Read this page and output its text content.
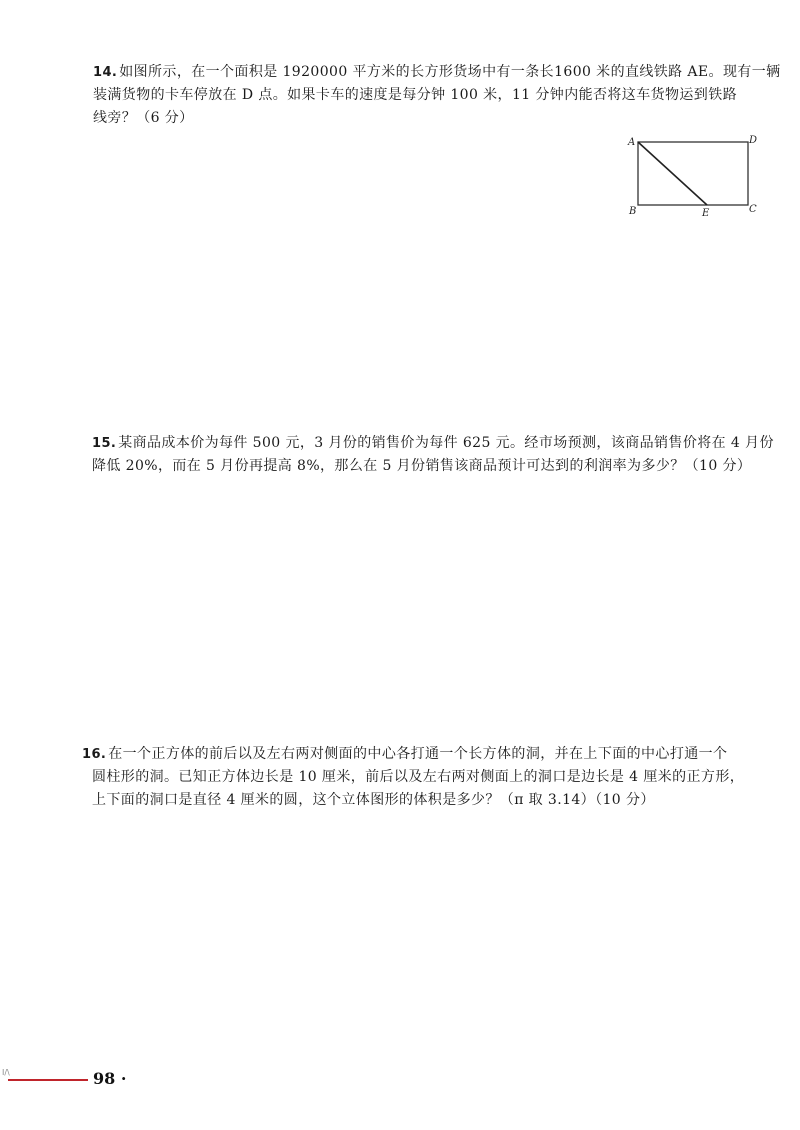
14. 如图所示，在一个面积是 1920000 平方米的长方形货场中有一条长1600 米的直线铁路 AE。现有一辆
装满货物的卡车停放在 D 点。如果卡车的速度是每分钟 100 米，11 分钟内能否将这车货物运到铁路
线旁？（6 分）
A	D
B	E	C
15. 某商品成本价为每件 500 元，3 月份的销售价为每件 625 元。经市场预测，该商品销售价将在 4 月份
降低 20%，而在 5 月份再提高 8%，那么在 5 月份销售该商品预计可达到的利润率为多少？（10 分）
16. 在一个正方体的前后以及左右两对侧面的中心各打通一个长方体的洞，并在上下面的中心打通一个
圆柱形的洞。已知正方体边长是 10 厘米，前后以及左右两对侧面上的洞口是边长是 4 厘米的正方形，
上下面的洞口是直径 4 厘米的圆，这个立体图形的体积是多少？（π 取 3.14）（10 分）
I/\	98 ·
